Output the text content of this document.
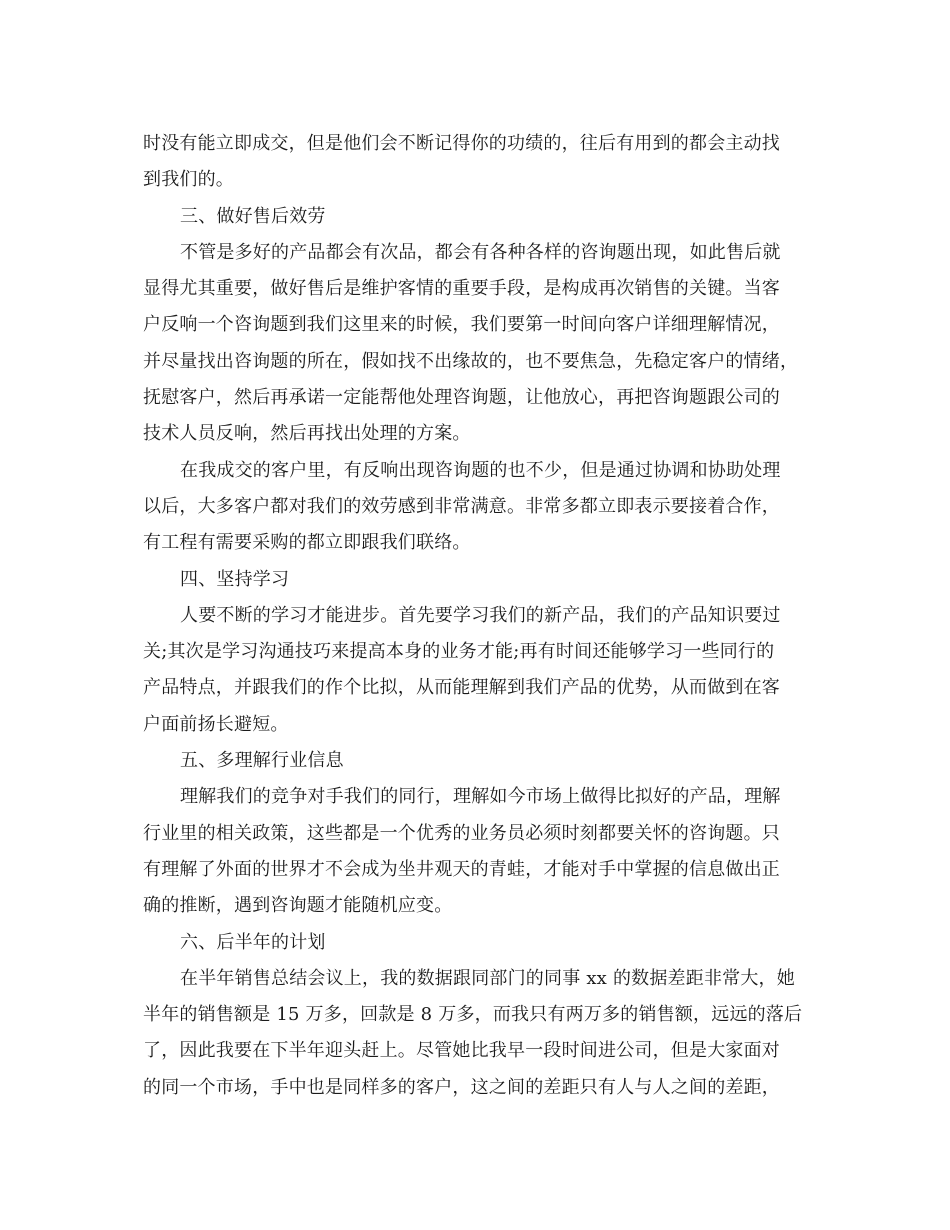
时没有能立即成交，但是他们会不断记得你的功绩的，往后有用到的都会主动找
到我们的。
三、做好售后效劳
不管是多好的产品都会有次品，都会有各种各样的咨询题出现，如此售后就
显得尤其重要，做好售后是维护客情的重要手段，是构成再次销售的关键。当客
户反响一个咨询题到我们这里来的时候，我们要第一时间向客户详细理解情况，
并尽量找出咨询题的所在，假如找不出缘故的，也不要焦急，先稳定客户的情绪，
抚慰客户，然后再承诺一定能帮他处理咨询题，让他放心，再把咨询题跟公司的
技术人员反响，然后再找出处理的方案。
在我成交的客户里，有反响出现咨询题的也不少，但是通过协调和协助处理
以后，大多客户都对我们的效劳感到非常满意。非常多都立即表示要接着合作，
有工程有需要采购的都立即跟我们联络。
四、坚持学习
人要不断的学习才能进步。首先要学习我们的新产品，我们的产品知识要过
关;其次是学习沟通技巧来提高本身的业务才能;再有时间还能够学习一些同行的
产品特点，并跟我们的作个比拟，从而能理解到我们产品的优势，从而做到在客
户面前扬长避短。
五、多理解行业信息
理解我们的竞争对手我们的同行，理解如今市场上做得比拟好的产品，理解
行业里的相关政策，这些都是一个优秀的业务员必须时刻都要关怀的咨询题。只
有理解了外面的世界才不会成为坐井观天的青蛙，才能对手中掌握的信息做出正
确的推断，遇到咨询题才能随机应变。
六、后半年的计划
在半年销售总结会议上，我的数据跟同部门的同事 xx 的数据差距非常大，她
半年的销售额是 15 万多，回款是 8 万多，而我只有两万多的销售额，远远的落后
了，因此我要在下半年迎头赶上。尽管她比我早一段时间进公司，但是大家面对
的同一个市场，手中也是同样多的客户，这之间的差距只有人与人之间的差距，
